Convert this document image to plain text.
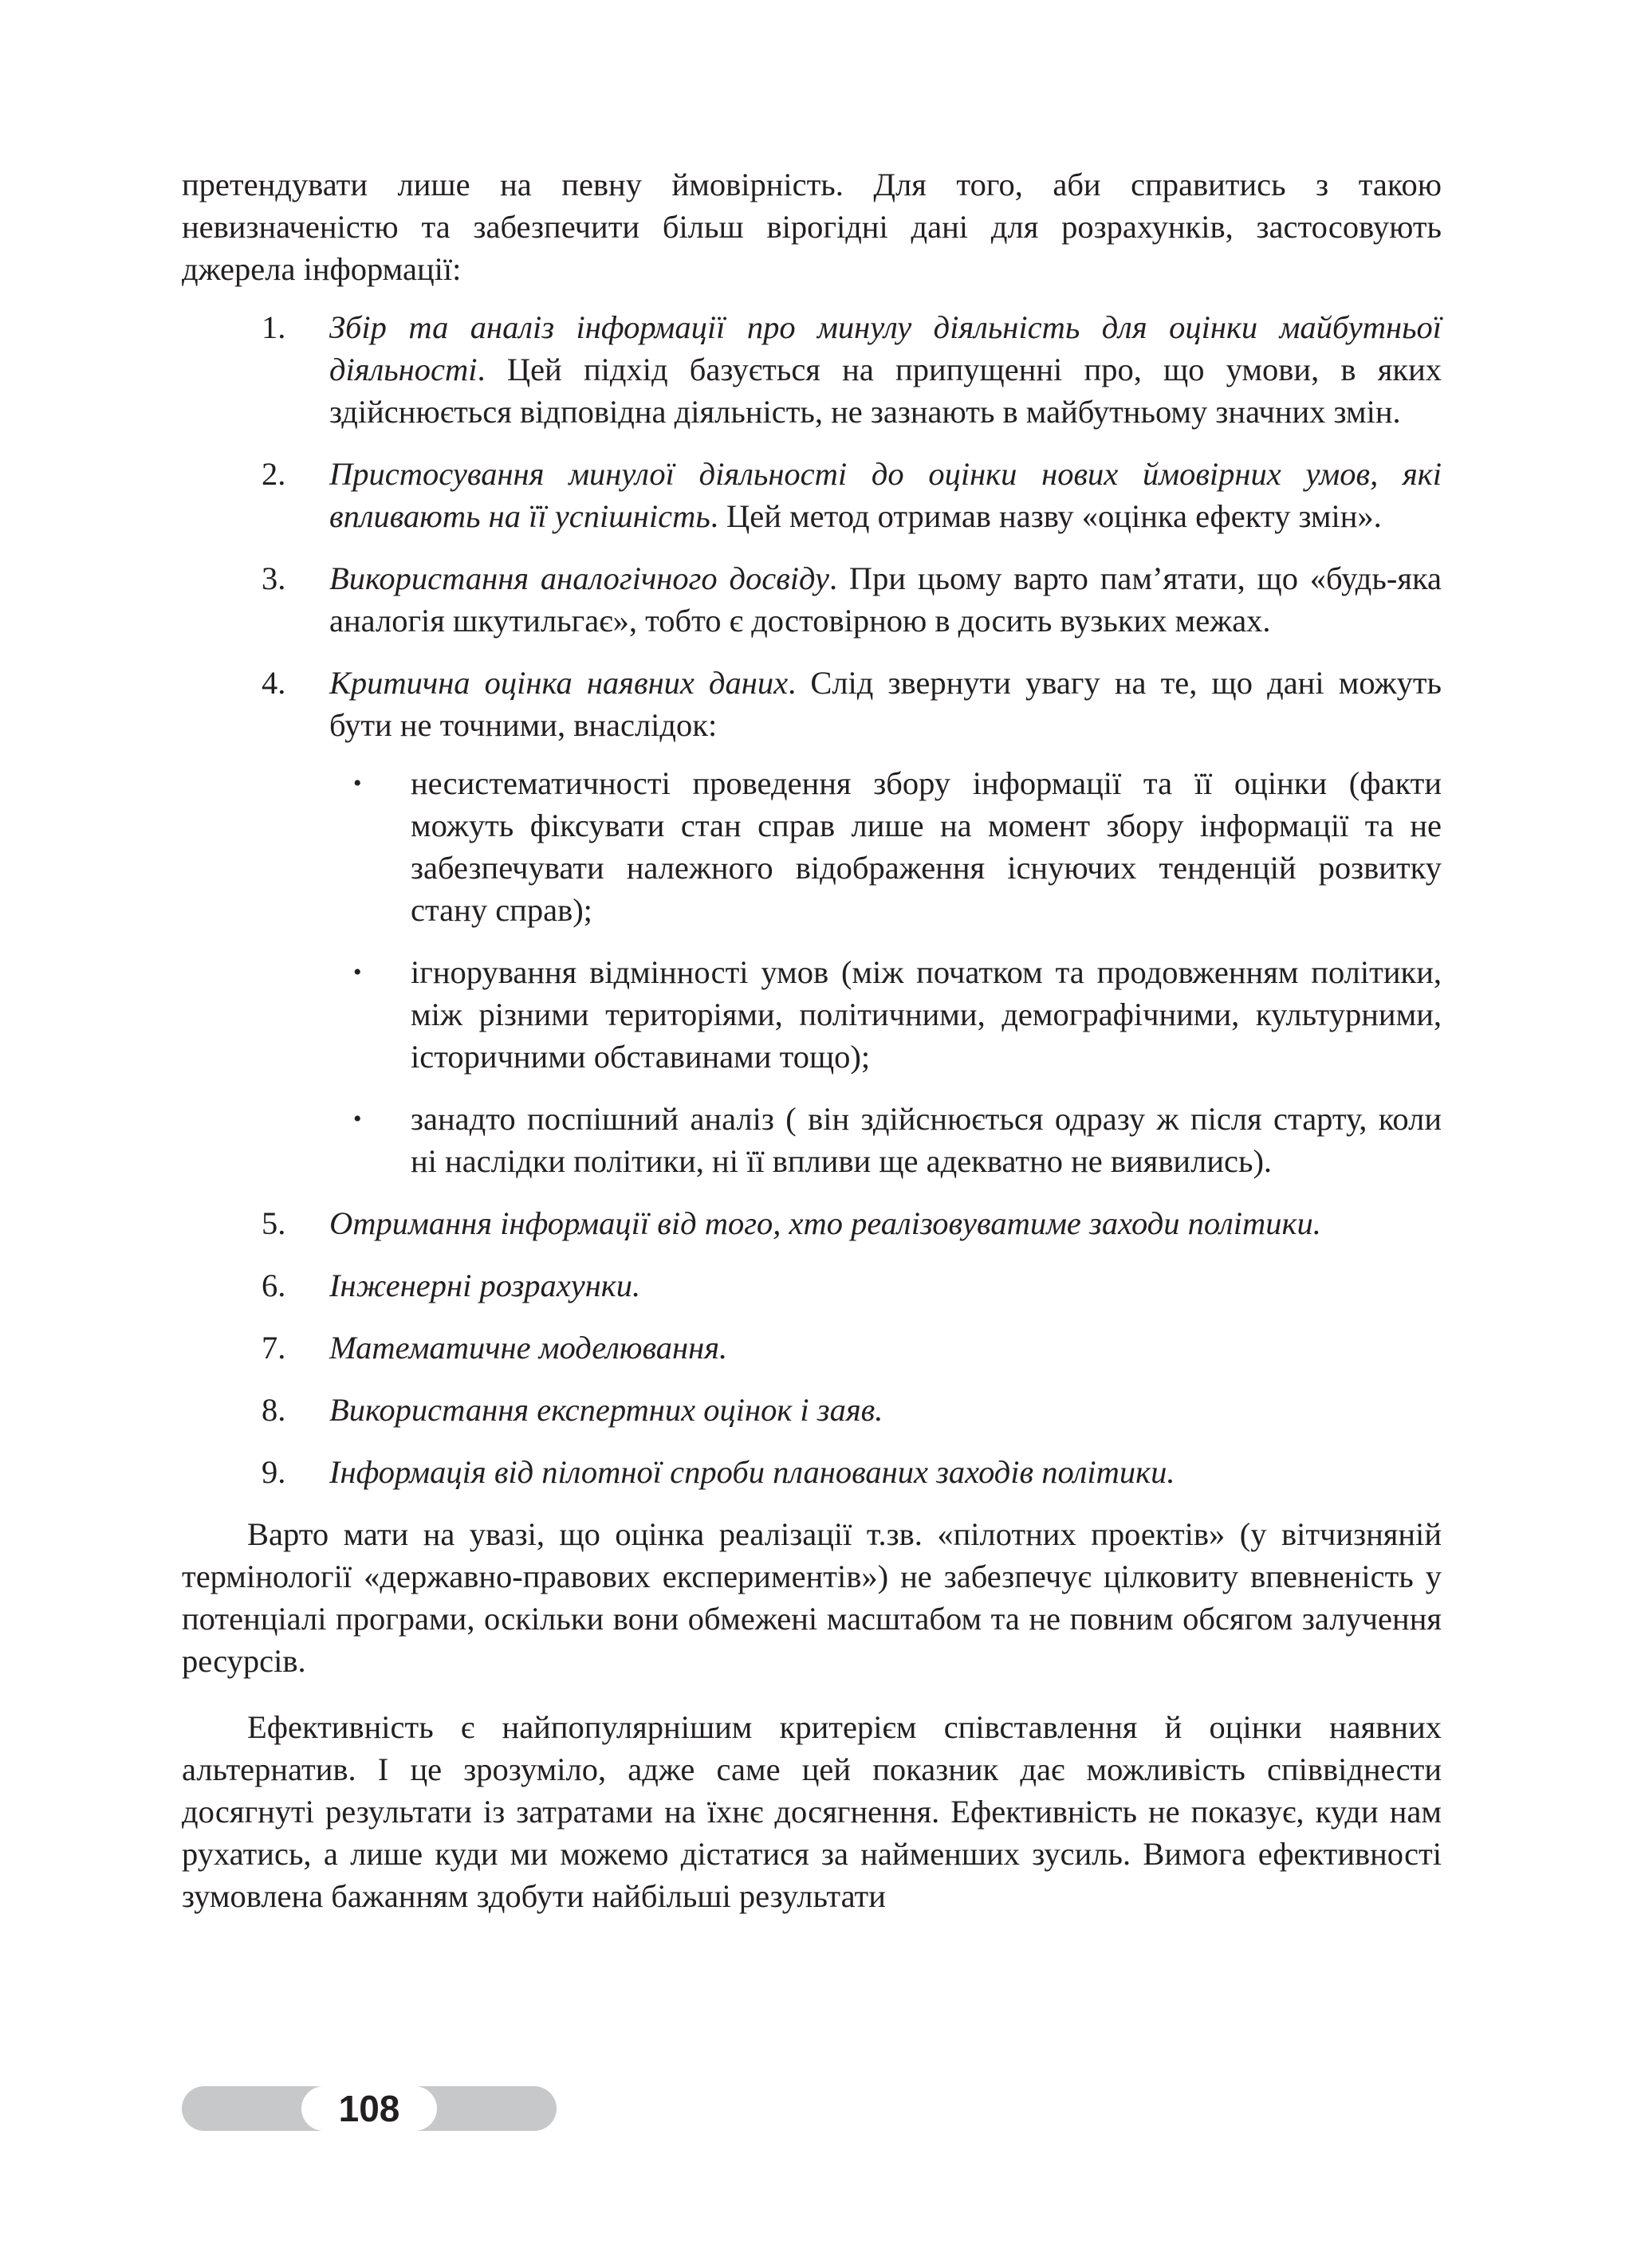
претендувати лише на певну ймовірність. Для того, аби справитись з такою невизначеністю та забезпечити більш вірогідні дані для розрахунків, застосовують джерела інформації:

1.	Збір та аналіз інформації про минулу діяльність для оцінки майбутньої діяльності. Цей підхід базується на припущенні про, що умови, в яких здійснюється відповідна діяльність, не зазнають в майбутньому значних змін.
2.	Пристосування минулої діяльності до оцінки нових ймовірних умов, які впливають на її успішність. Цей метод отримав назву «оцінка ефекту змін».
3.	Використання аналогічного досвіду. При цьому варто пам’ятати, що «будь-яка аналогія шкутильгає», тобто є достовірною в досить вузьких межах.
4.	Критична оцінка наявних даних. Слід звернути увагу на те, що дані можуть бути не точними, внаслідок:
• несистематичності проведення збору інформації та її оцінки (факти можуть фіксувати стан справ лише на момент збору інформації та не забезпечувати належного відображення існуючих тенденцій розвитку стану справ);
• ігнорування відмінності умов (між початком та продовженням політики, між різними територіями, політичними, демографічними, культурними, історичними обставинами тощо);
• занадто поспішний аналіз ( він здійснюється одразу ж після старту, коли ні наслідки політики, ні її впливи ще адекватно не виявились).
5.	Отримання інформації від того, хто реалізовуватиме заходи політики.
6.	Інженерні розрахунки.
7.	Математичне моделювання.
8.	Використання експертних оцінок і заяв.
9.	Інформація від пілотної спроби планованих заходів політики.

Варто мати на увазі, що оцінка реалізації т.зв. «пілотних проектів» (у вітчизняній термінології «державно-правових експериментів») не забезпечує цілковиту впевненість у потенціалі програми, оскільки вони обмежені масштабом та не повним обсягом залучення ресурсів.

Ефективність є найпопулярнішим критерієм співставлення й оцінки наявних альтернатив. І це зрозуміло, адже саме цей показник дає можливість співвіднести досягнуті результати із затратами на їхнє досягнення. Ефективність не показує, куди нам рухатись, а лише куди ми можемо дістатися за найменших зусиль. Вимога ефективності зумовлена бажанням здобути найбільші результати

108
